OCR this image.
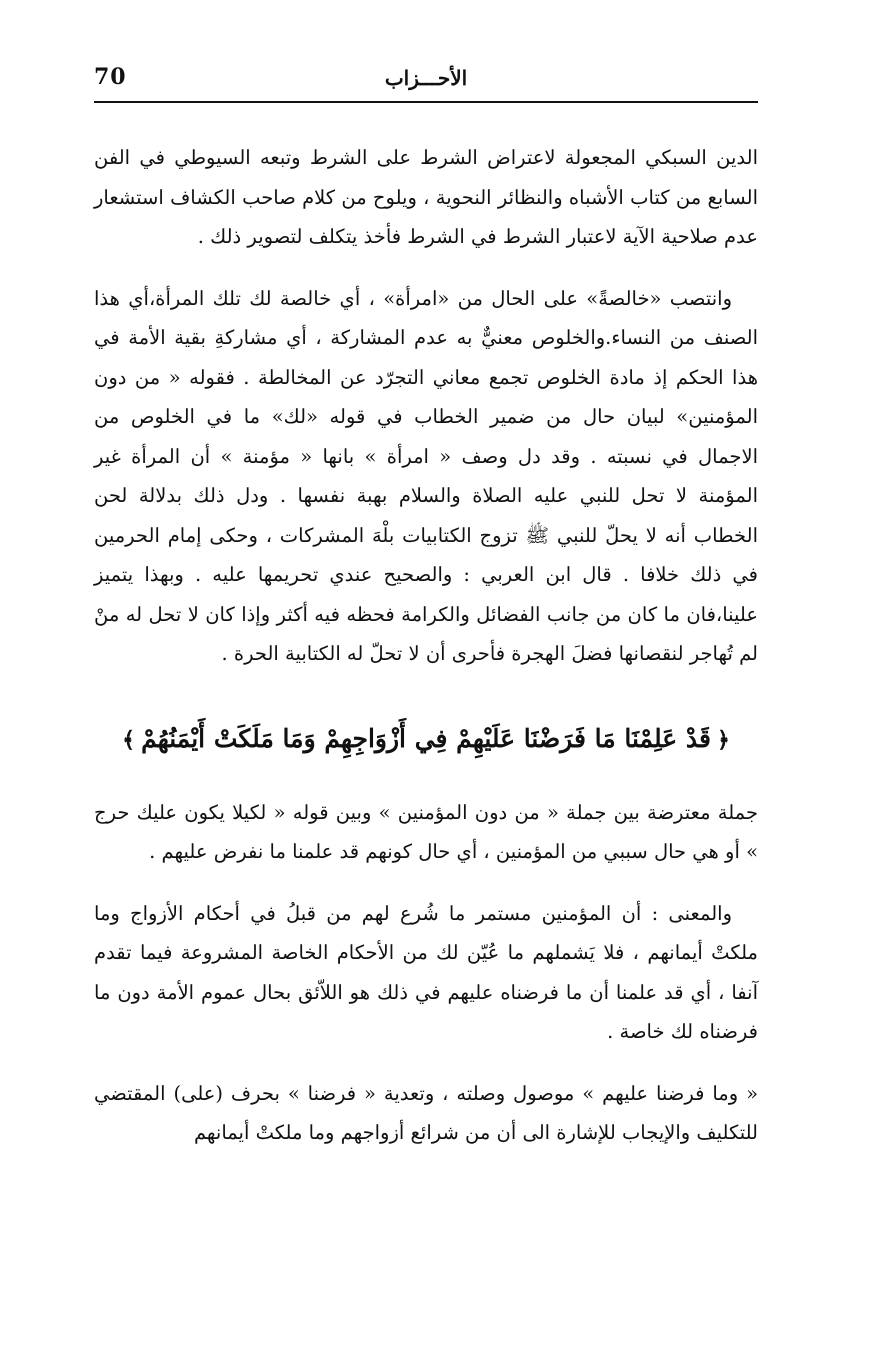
70	الأحـــزاب

الدين السبكي المجعولة لاعتراض الشرط على الشرط وتبعه السيوطي في الفن السابع من كتاب الأشباه والنظائر النحوية ، ويلوح من كلام صاحب الكشاف استشعار عدم صلاحية الآية لاعتبار الشرط في الشرط فأخذ يتكلف لتصوير ذلك .

وانتصب «خالصةً» على الحال من «امرأة» ، أي خالصة لك تلك المرأة،أي هذا الصنف من النساء.والخلوص معنيٌّ به عدم المشاركة ، أي مشاركةِ بقية الأمة في هذا الحكم إذ مادة الخلوص تجمع معاني التجرّد عن المخالطة . فقوله « من دون المؤمنين» لبيان حال من ضمير الخطاب في قوله «لك» ما في الخلوص من الاجمال في نسبته . وقد دل وصف « امرأة » بانها « مؤمنة » أن المرأة غير المؤمنة لا تحل للنبي عليه الصلاة والسلام بهبة نفسها . ودل ذلك بدلالة لحن الخطاب أنه لا يحلّ للنبي ﷺ تزوج الكتابيات بلْهَ المشركات ، وحكى إمام الحرمين في ذلك خلافا . قال ابن العربي : والصحيح عندي تحريمها عليه . وبهذا يتميز علينا،فان ما كان من جانب الفضائل والكرامة فحظه فيه أكثر وإذا كان لا تحل له منْ لم تُهاجر لنقصانها فضلَ الهجرة فأحرى أن لا تحلّ له الكتابية الحرة .

﴿قَدْ عَلِمْنَا مَا فَرَضْنَا عَلَيْهِمْ فِي أَزْوَاجِهِمْ وَمَا مَلَكَتْ أَيْمَنُهُمْ﴾

جملة معترضة بين جملة « من دون المؤمنين » وبين قوله « لكيلا يكون عليك حرج » أو هي حال سببي من المؤمنين ، أي حال كونهم قد علمنا ما نفرض عليهم .

والمعنى : أن المؤمنين مستمر ما شُرع لهم من قبلُ في أحكام الأزواج وما ملكتْ أيمانهم ، فلا يَشملهم ما عُيّن لك من الأحكام الخاصة المشروعة فيما تقدم آنفا ، أي قد علمنا أن ما فرضناه عليهم في ذلك هو اللاّئق بحال عموم الأمة دون ما فرضناه لك خاصة .

« وما فرضنا عليهم » موصول وصلته ، وتعدية « فرضنا » بحرف (على) المقتضي للتكليف والإيجاب للإشارة الى أن من شرائع أزواجهم وما ملكتْ أيمانهم
